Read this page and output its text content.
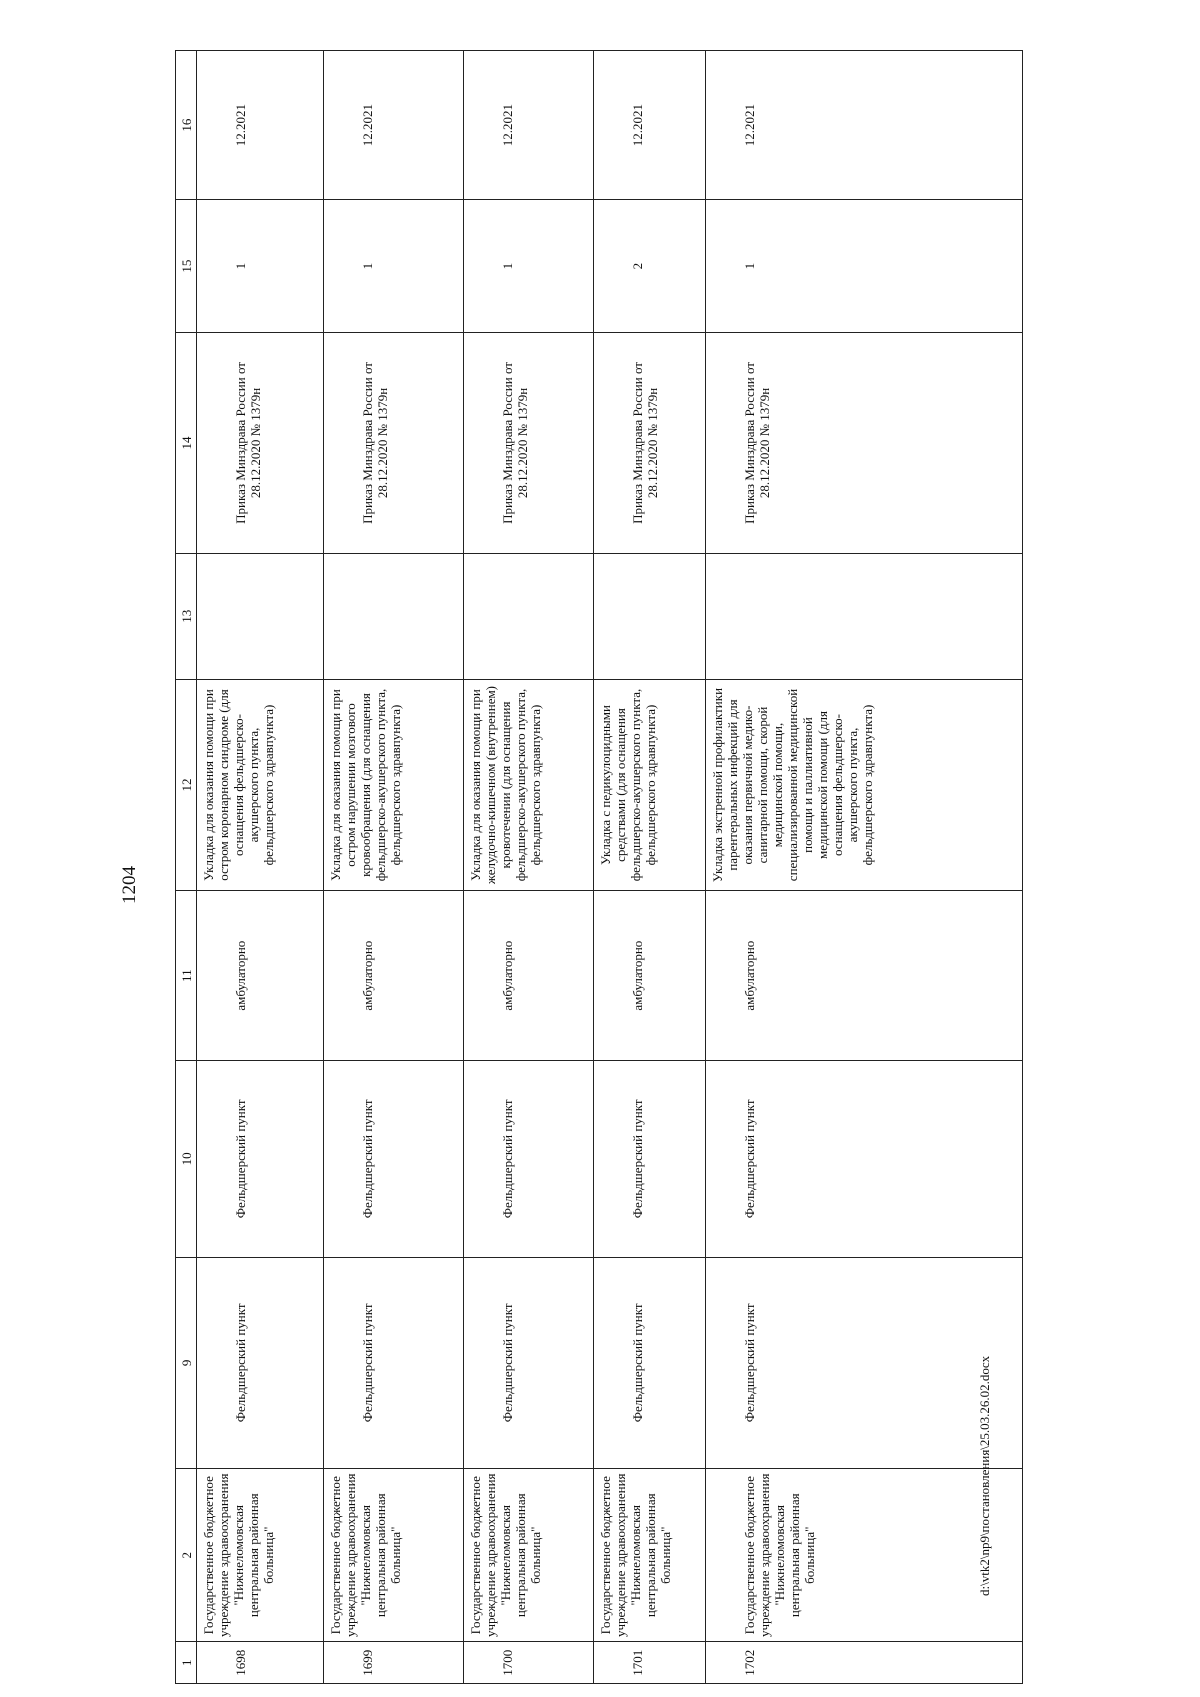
1204
1	2	9	10	11	12	13	14	15	16
1698	Государственное бюджетное учреждение здравоохранения "Нижнеломовская центральная районная больница"	Фельдшерский пункт	Фельдшерский пункт	амбулаторно	Укладка для оказания помощи при остром коронарном синдроме (для оснащения фельдшерско-акушерского пункта, фельдшерского здравпункта)		Приказ Минздрава России от 28.12.2020 № 1379н	1	12.2021
1699	Государственное бюджетное учреждение здравоохранения "Нижнеломовская центральная районная больница"	Фельдшерский пункт	Фельдшерский пункт	амбулаторно	Укладка для оказания помощи при остром нарушении мозгового кровообращения (для оснащения фельдшерско-акушерского пункта, фельдшерского здравпункта)		Приказ Минздрава России от 28.12.2020 № 1379н	1	12.2021
1700	Государственное бюджетное учреждение здравоохранения "Нижнеломовская центральная районная больница"	Фельдшерский пункт	Фельдшерский пункт	амбулаторно	Укладка для оказания помощи при желудочно-кишечном (внутреннем) кровотечении (для оснащения фельдшерско-акушерского пункта, фельдшерского здравпункта)		Приказ Минздрава России от 28.12.2020 № 1379н	1	12.2021
1701	Государственное бюджетное учреждение здравоохранения "Нижнеломовская центральная районная больница"	Фельдшерский пункт	Фельдшерский пункт	амбулаторно	Укладка с педикулоцидными средствами (для оснащения фельдшерско-акушерского пункта, фельдшерского здравпункта)		Приказ Минздрава России от 28.12.2020 № 1379н	2	12.2021
1702	Государственное бюджетное учреждение здравоохранения "Нижнеломовская центральная районная больница"	Фельдшерский пункт	Фельдшерский пункт	амбулаторно	Укладка экстренной профилактики парентеральных инфекций для оказания первичной медико-санитарной помощи, скорой медицинской помощи, специализированной медицинской помощи и паллиативной медицинской помощи (для оснащения фельдшерско-акушерского пункта, фельдшерского здравпункта)		Приказ Минздрава России от 28.12.2020 № 1379н	1	12.2021
d:\vtk2\np9\постановления\25.03.26.02.docx
